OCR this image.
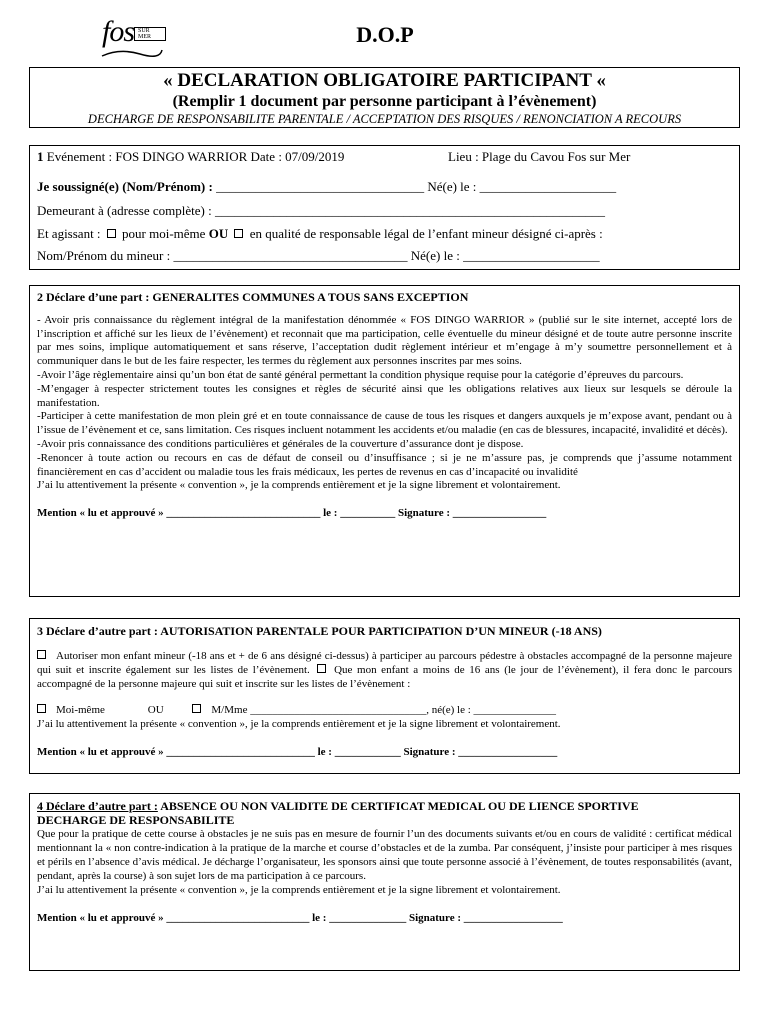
fos SUR MER	D.O.P
« DECLARATION OBLIGATOIRE PARTICIPANT «
(Remplir 1 document par personne participant à l’évènement)
DECHARGE DE RESPONSABILITE PARENTALE / ACCEPTATION DES RISQUES / RENONCIATION A RECOURS
1 Evénement : FOS DINGO WARRIOR Date : 07/09/2019	Lieu : Plage du Cavou Fos sur Mer
Je soussigné(e) (Nom/Prénom) : ________________________________ Né(e) le : _____________________
Demeurant à (adresse complète) : ____________________________________________________________
Et agissant : pour moi-même OU en qualité de responsable légal de l’enfant mineur désigné ci-après :
Nom/Prénom du mineur : ____________________________________ Né(e) le : _____________________
2 Déclare d’une part : GENERALITES COMMUNES A TOUS SANS EXCEPTION

- Avoir pris connaissance du règlement intégral de la manifestation dénommée « FOS DINGO WARRIOR » (publié sur le site internet, accepté lors de l’inscription et affiché sur les lieux de l’évènement) et reconnait que ma participation, celle éventuelle du mineur désigné et de toute autre personne inscrite par mes soins, implique automatiquement et sans réserve, l’acceptation dudit règlement intérieur et m’engage à m’y soumettre personnellement et à communiquer dans le but de les faire respecter, les termes du règlement aux personnes inscrites par mes soins.

-Avoir l’âge règlementaire ainsi qu’un bon état de santé général permettant la condition physique requise pour la catégorie d’épreuves du parcours.

-M’engager à respecter strictement toutes les consignes et règles de sécurité ainsi que les obligations relatives aux lieux sur lesquels se déroule la manifestation.

-Participer à cette manifestation de mon plein gré et en toute connaissance de cause de tous les risques et dangers auxquels je m’expose avant, pendant ou à l’issue de l’évènement et ce, sans limitation. Ces risques incluent notamment les accidents et/ou maladie (en cas de blessures, incapacité, invalidité et décès).

-Avoir pris connaissance des conditions particulières et générales de la couverture d’assurance dont je dispose.

-Renoncer à toute action ou recours en cas de défaut de conseil ou d’insuffisance ; si je ne m’assure pas, je comprends que j’assume notamment financièrement en cas d’accident ou maladie tous les frais médicaux, les pertes de revenus en cas d’incapacité ou invalidité

J’ai lu attentivement la présente « convention », je la comprends entièrement et je la signe librement et volontairement.

Mention « lu et approuvé » ____________________________ le : __________ Signature : _________________

3 Déclare d’autre part : AUTORISATION PARENTALE POUR PARTICIPATION D’UN MINEUR (-18 ANS)

Autoriser mon enfant mineur (-18 ans et + de 6 ans désigné ci-dessus) à participer au parcours pédestre à obstacles accompagné de la personne majeure qui suit et inscrite également sur les listes de l’évènement. Que mon enfant a moins de 16 ans (le jour de l’évènement), il fera donc le parcours accompagné de la personne majeure qui suit et inscrite sur les listes de l’évènement :

Moi-même	OU	M/Mme ________________________________, né(e) le : _______________

J’ai lu attentivement la présente « convention », je la comprends entièrement et je la signe librement et volontairement.

Mention « lu et approuvé » ___________________________ le : ____________ Signature : __________________

4 Déclare d’autre part : ABSENCE OU NON VALIDITE DE CERTIFICAT MEDICAL OU DE LIENCE SPORTIVE
DECHARGE DE RESPONSABILITE

Que pour la pratique de cette course à obstacles je ne suis pas en mesure de fournir l’un des documents suivants et/ou en cours de validité : certificat médical mentionnant la « non contre-indication à la pratique de la marche et course d’obstacles et de la zumba. Par conséquent, j’insiste pour participer à mes risques et périls en l’absence d’avis médical. Je décharge l’organisateur, les sponsors ainsi que toute personne associé à l’évènement, de toutes responsabilités (avant, pendant, après la course) à son sujet lors de ma participation à ce parcours.

J’ai lu attentivement la présente « convention », je la comprends entièrement et je la signe librement et volontairement.

Mention « lu et approuvé » __________________________ le : ______________ Signature : __________________
